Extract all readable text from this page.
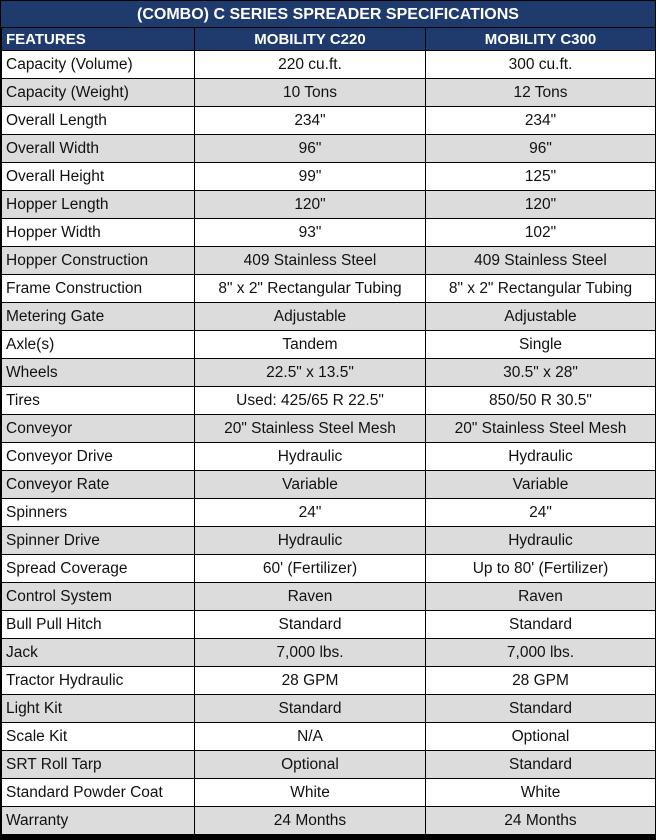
(COMBO) C SERIES SPREADER SPECIFICATIONS
FEATURES	MOBILITY C220	MOBILITY C300
Capacity (Volume)	220 cu.ft.	300 cu.ft.
Capacity (Weight)	10 Tons	12 Tons
Overall Length	234"	234"
Overall Width	96"	96"
Overall Height	99"	125"
Hopper Length	120"	120"
Hopper Width	93"	102"
Hopper Construction	409 Stainless Steel	409 Stainless Steel
Frame Construction	8" x 2" Rectangular Tubing	8" x 2" Rectangular Tubing
Metering Gate	Adjustable	Adjustable
Axle(s)	Tandem	Single
Wheels	22.5" x 13.5"	30.5" x 28"
Tires	Used: 425/65 R 22.5"	850/50 R 30.5"
Conveyor	20" Stainless Steel Mesh	20" Stainless Steel Mesh
Conveyor Drive	Hydraulic	Hydraulic
Conveyor Rate	Variable	Variable
Spinners	24"	24"
Spinner Drive	Hydraulic	Hydraulic
Spread Coverage	60' (Fertilizer)	Up to 80' (Fertilizer)
Control System	Raven	Raven
Bull Pull Hitch	Standard	Standard
Jack	7,000 lbs.	7,000 lbs.
Tractor Hydraulic	28 GPM	28 GPM
Light Kit	Standard	Standard
Scale Kit	N/A	Optional
SRT Roll Tarp	Optional	Standard
Standard Powder Coat	White	White
Warranty	24 Months	24 Months
